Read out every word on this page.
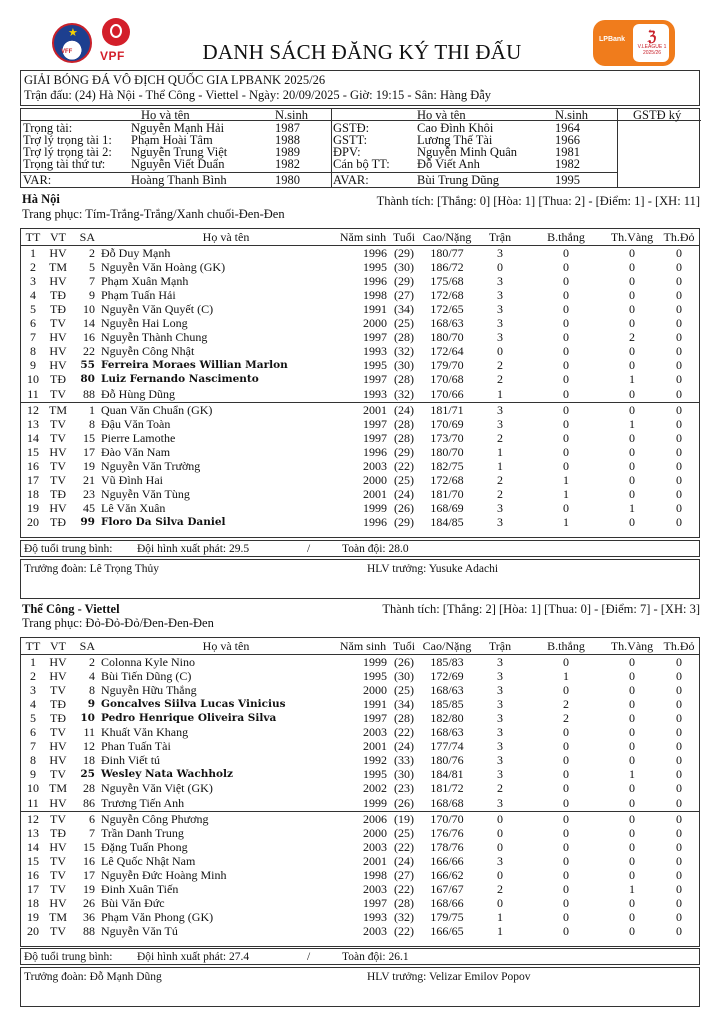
★
VFF VPF	DANH SÁCH ĐĂNG KÝ THI ĐẤU
LPBank	ℨ
V.LEAGUE 1 2025/26
GIẢI BÓNG ĐÁ VÔ ĐỊCH QUỐC GIA LPBANK 2025/26
Trận đấu: (24) Hà Nội - Thể Công - Viettel - Ngày: 20/09/2025 - Giờ: 19:15 - Sân: Hàng Đẫy
Họ và tên	N.sinh	Họ và tên	N.sinh	GSTĐ ký
Trọng tài:	Nguyễn Mạnh Hải	1987	GSTĐ:	Cao Đình Khôi	1964
Trợ lý trọng tài 1: Phạm Hoài Tâm	1988	GSTT:	Lương Thế Tài	1966
Trợ lý trọng tài 2: Nguyễn Trung Việt	1989	ĐPV:	Nguyễn Minh Quân	1981
Trọng tài thứ tư: Nguyễn Viết Duẩn	1982	Cán bộ TT: Đỗ Viết Anh	1982
VAR:	Hoàng Thanh Bình	1980	AVAR:	Bùi Trung Dũng	1995
Hà Nội	Thành tích: [Thắng: 0] [Hòa: 1] [Thua: 2] - [Điểm: 1] - [XH: 11]
Trang phục: Tím-Trắng-Trắng/Xanh chuối-Đen-Đen
TT VT	SA	Họ và tên	Năm sinh Tuổi Cao/Nặng	Trận	B.thắng	Th.Vàng Th.Đỏ
1	HV	2 Đỗ Duy Mạnh	1996 (29)	180/77	3	0	0	0
2	TM	5 Nguyễn Văn Hoàng (GK)	1995 (30)	186/72	0	0	0	0
3	HV	7 Phạm Xuân Mạnh	1996 (29)	175/68	3	0	0	0
4	TĐ	9 Phạm Tuấn Hải	1998 (27)	172/68	3	0	0	0
5	TĐ	10 Nguyễn Văn Quyết (C)	1991 (34)	172/65	3	0	0	0
6	TV	14 Nguyễn Hai Long	2000 (25)	168/63	3	0	0	0
7	HV	16 Nguyễn Thành Chung	1997 (28)	180/70	3	0	2	0
8	HV	22 Nguyễn Công Nhật	1993 (32)	172/64	0	0	0	0
9	HV	55 Ferreira Moraes Willian Marlon	1995 (30)	179/70	2	0	0	0
10 TĐ	80 Luiz Fernando Nascimento	1997 (28)	170/68	2	0	1	0
11 TV	88 Đỗ Hùng Dũng	1993 (32)	170/66	1	0	0	0
12 TM	1 Quan Văn Chuẩn (GK)	2001 (24)	181/71	3	0	0	0
13 TV	8 Đậu Văn Toàn	1997 (28)	170/69	3	0	1	0
14 TV	15 Pierre Lamothe	1997 (28)	173/70	2	0	0	0
15 HV	17 Đào Văn Nam	1996 (29)	180/70	1	0	0	0
16 TV	19 Nguyễn Văn Trường	2003 (22)	182/75	1	0	0	0
17 TV	21 Vũ Đình Hai	2000 (25)	172/68	2	1	0	0
18 TĐ	23 Nguyễn Văn Tùng	2001 (24)	181/70	2	1	0	0
19 HV	45 Lê Văn Xuân	1999 (26)	168/69	3	0	1	0
20 TĐ	99 Floro Da Silva Daniel	1996 (29)	184/85	3	1	0	0
Độ tuổi trung bình: Đội hình xuất phát: 29.5	/	Toàn đội: 28.0
Trưởng đoàn: Lê Trọng Thủy	HLV trưởng: Yusuke Adachi
Thể Công - Viettel	Thành tích: [Thắng: 2] [Hòa: 1] [Thua: 0] - [Điểm: 7] - [XH: 3]
Trang phục: Đỏ-Đỏ-Đỏ/Đen-Đen-Đen
TT VT	SA	Họ và tên	Năm sinh Tuổi Cao/Nặng	Trận	B.thắng	Th.Vàng Th.Đỏ
1	HV	2 Colonna Kyle Nino	1999 (26)	185/83	3	0	0	0
2	HV	4 Bùi Tiến Dũng (C)	1995 (30)	172/69	3	1	0	0
3	TV	8 Nguyễn Hữu Thắng	2000 (25)	168/63	3	0	0	0
4	TĐ	9 Goncalves Siilva Lucas Vinicius	1991 (34)	185/85	3	2	0	0
5	TĐ	10 Pedro Henrique Oliveira Silva	1997 (28)	182/80	3	2	0	0
6	TV	11 Khuất Văn Khang	2003 (22)	168/63	3	0	0	0
7	HV	12 Phan Tuấn Tài	2001 (24)	177/74	3	0	0	0
8	HV	18 Đinh Viết tú	1992 (33)	180/76	3	0	0	0
9	TV	25 Wesley Nata Wachholz	1995 (30)	184/81	3	0	1	0
10 TM	28 Nguyễn Văn Việt (GK)	2002 (23)	181/72	2	0	0	0
11 HV	86 Trương Tiến Anh	1999 (26)	168/68	3	0	0	0
12 TV	6 Nguyễn Công Phương	2006 (19)	170/70	0	0	0	0
13 TĐ	7 Trần Danh Trung	2000 (25)	176/76	0	0	0	0
14 HV	15 Đặng Tuấn Phong	2003 (22)	178/76	0	0	0	0
15 TV	16 Lê Quốc Nhật Nam	2001 (24)	166/66	3	0	0	0
16 TV	17 Nguyễn Đức Hoàng Minh	1998 (27)	166/62	0	0	0	0
17 TV	19 Đinh Xuân Tiến	2003 (22)	167/67	2	0	1	0
18 HV	26 Bùi Văn Đức	1997 (28)	168/66	0	0	0	0
19 TM	36 Phạm Văn Phong (GK)	1993 (32)	179/75	1	0	0	0
20 TV	88 Nguyễn Văn Tú	2003 (22)	166/65	1	0	0	0
Độ tuổi trung bình: Đội hình xuất phát: 27.4	/	Toàn đội: 26.1
Trưởng đoàn: Đỗ Mạnh Dũng	HLV trưởng: Velizar Emilov Popov
